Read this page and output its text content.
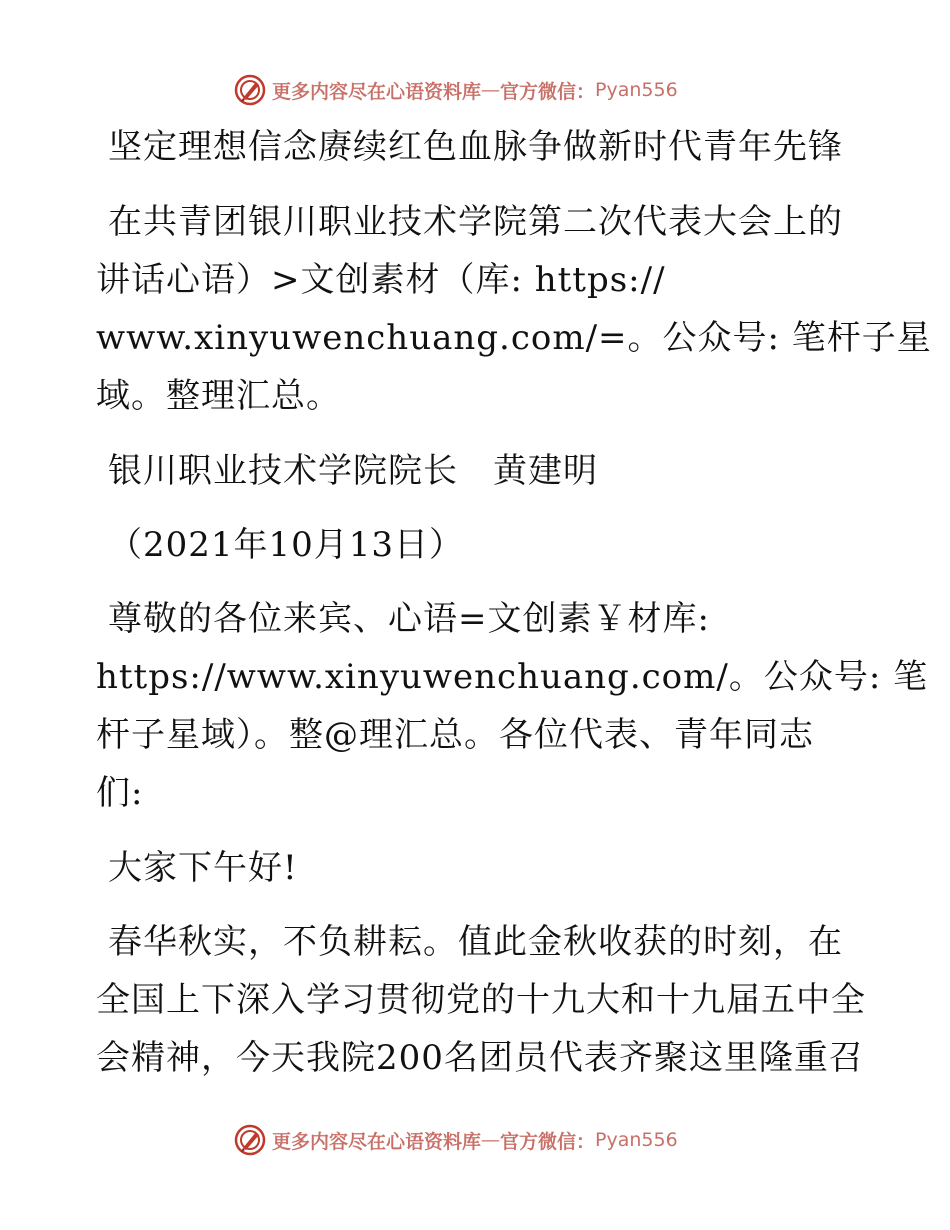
更多内容尽在心语资料库 — 官方微信： Pyan556
坚定理想信念赓续红色血脉争做新时代青年先锋
在共青团银川职业技术学院第二次代表大会上的
讲话心语）>文创素材（库: https://
www.xinyuwenchuang.com/=。公众号: 笔杆子星
域。整理汇总。
银川职业技术学院院长　黄建明
（2021年10月13日）
尊敬的各位来宾、心语=文创素￥材库:
https://www.xinyuwenchuang.com/。公众号: 笔
杆子星域）。整@理汇总。各位代表、青年同志
们:
大家下午好!
春华秋实，不负耕耘。值此金秋收获的时刻，在
全国上下深入学习贯彻党的十九大和十九届五中全
会精神，今天我院200名团员代表齐聚这里隆重召
更多内容尽在心语资料库 — 官方微信： Pyan556
